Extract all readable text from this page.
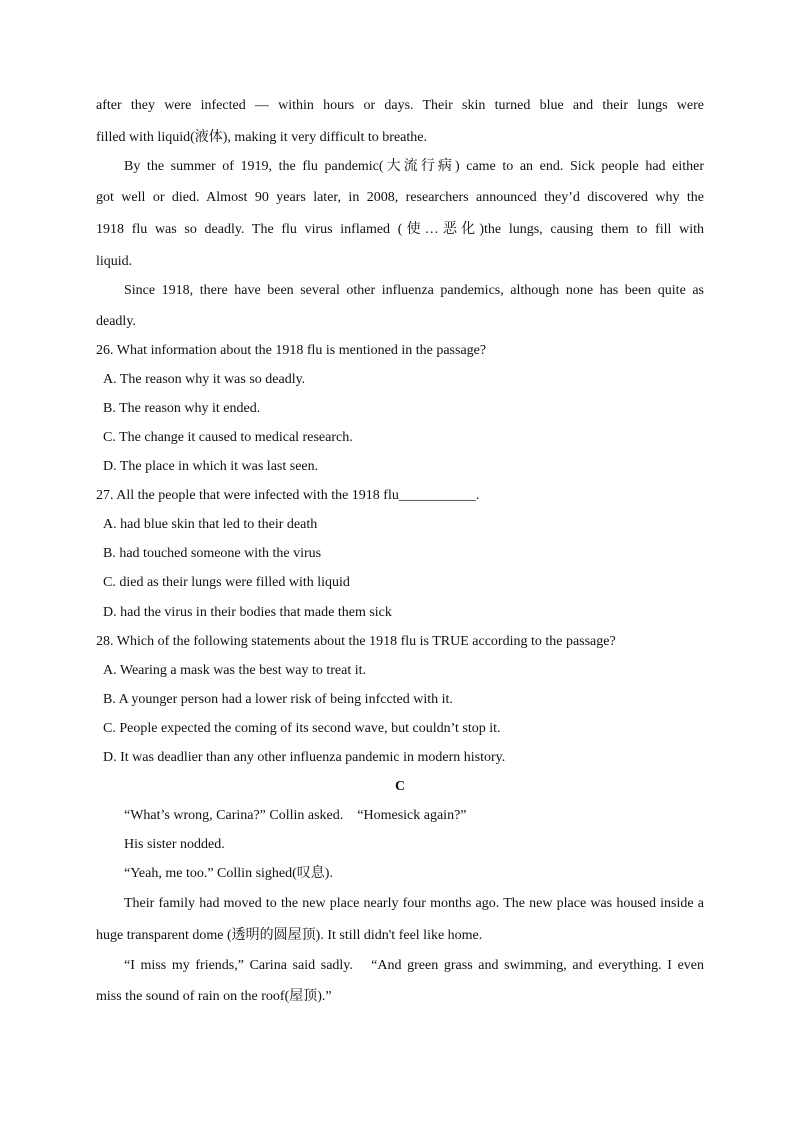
after they were infected — within hours or days. Their skin turned blue and their lungs were
filled with liquid(液体), making it very difficult to breathe.
By the summer of 1919, the flu pandemic(大流行病) came to an end. Sick people had either
got well or died. Almost 90 years later, in 2008, researchers announced they’d discovered why the
1918 flu was so deadly. The flu virus inflamed (使…恶化)the lungs, causing them to fill with
liquid.
Since 1918, there have been several other influenza pandemics, although none has been quite as
deadly.
26. What information about the 1918 flu is mentioned in the passage?
A. The reason why it was so deadly.
B. The reason why it ended.
C. The change it caused to medical research.
D. The place in which it was last seen.
27. All the people that were infected with the 1918 flu___________.
A. had blue skin that led to their death
B. had touched someone with the virus
C. died as their lungs were filled with liquid
D. had the virus in their bodies that made them sick
28. Which of the following statements about the 1918 flu is TRUE according to the passage?
A. Wearing a mask was the best way to treat it.
B. A younger person had a lower risk of being infccted with it.
C. People expected the coming of its second wave, but couldn’t stop it.
D. It was deadlier than any other influenza pandemic in modern history.
C
“What’s wrong, Carina?” Collin asked.　“Homesick again?”
His sister nodded.
“Yeah, me too.” Collin sighed(叹息).
Their family had moved to the new place nearly four months ago. The new place was housed inside a
huge transparent dome (透明的圆屋顶). It still didn't feel like home.
“I miss my friends,” Carina said sadly.　“And green grass and swimming, and everything. I even
miss the sound of rain on the roof(屋顶).”
